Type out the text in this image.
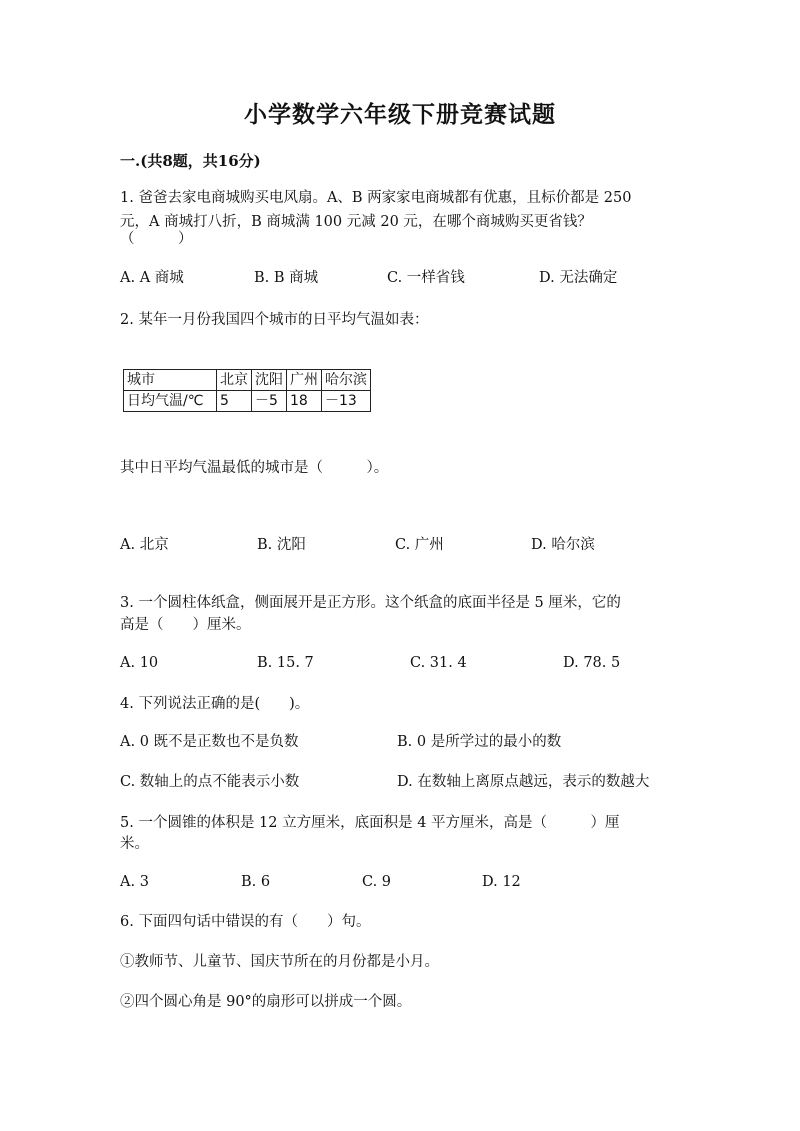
小学数学六年级下册竞赛试题
一.(共8题，共16分)
1. 爸爸去家电商城购买电风扇。A、B 两家家电商城都有优惠，且标价都是 250
元，A 商城打八折，B 商城满 100 元减 20 元，在哪个商城购买更省钱？
（　　　）
A. A 商城	B. B 商城	C. 一样省钱	D. 无法确定
2. 某年一月份我国四个城市的日平均气温如表：
城市	北京	沈阳	广州	哈尔滨
日均气温/℃	5	－5	18	－13
其中日平均气温最低的城市是（　　　）。
A. 北京	B. 沈阳	C. 广州	D. 哈尔滨
3. 一个圆柱体纸盒，侧面展开是正方形。这个纸盒的底面半径是 5 厘米，它的
高是（　　）厘米。
A. 10	B. 15. 7	C. 31. 4	D. 78. 5
4. 下列说法正确的是(　　)。
A. 0 既不是正数也不是负数	B. 0 是所学过的最小的数
C. 数轴上的点不能表示小数	D. 在数轴上离原点越远，表示的数越大
5. 一个圆锥的体积是 12 立方厘米，底面积是 4 平方厘米，高是（　　　）厘
米。
A. 3	B. 6	C. 9	D. 12
6. 下面四句话中错误的有（　　）句。
①教师节、儿童节、国庆节所在的月份都是小月。
②四个圆心角是 90°的扇形可以拼成一个圆。
